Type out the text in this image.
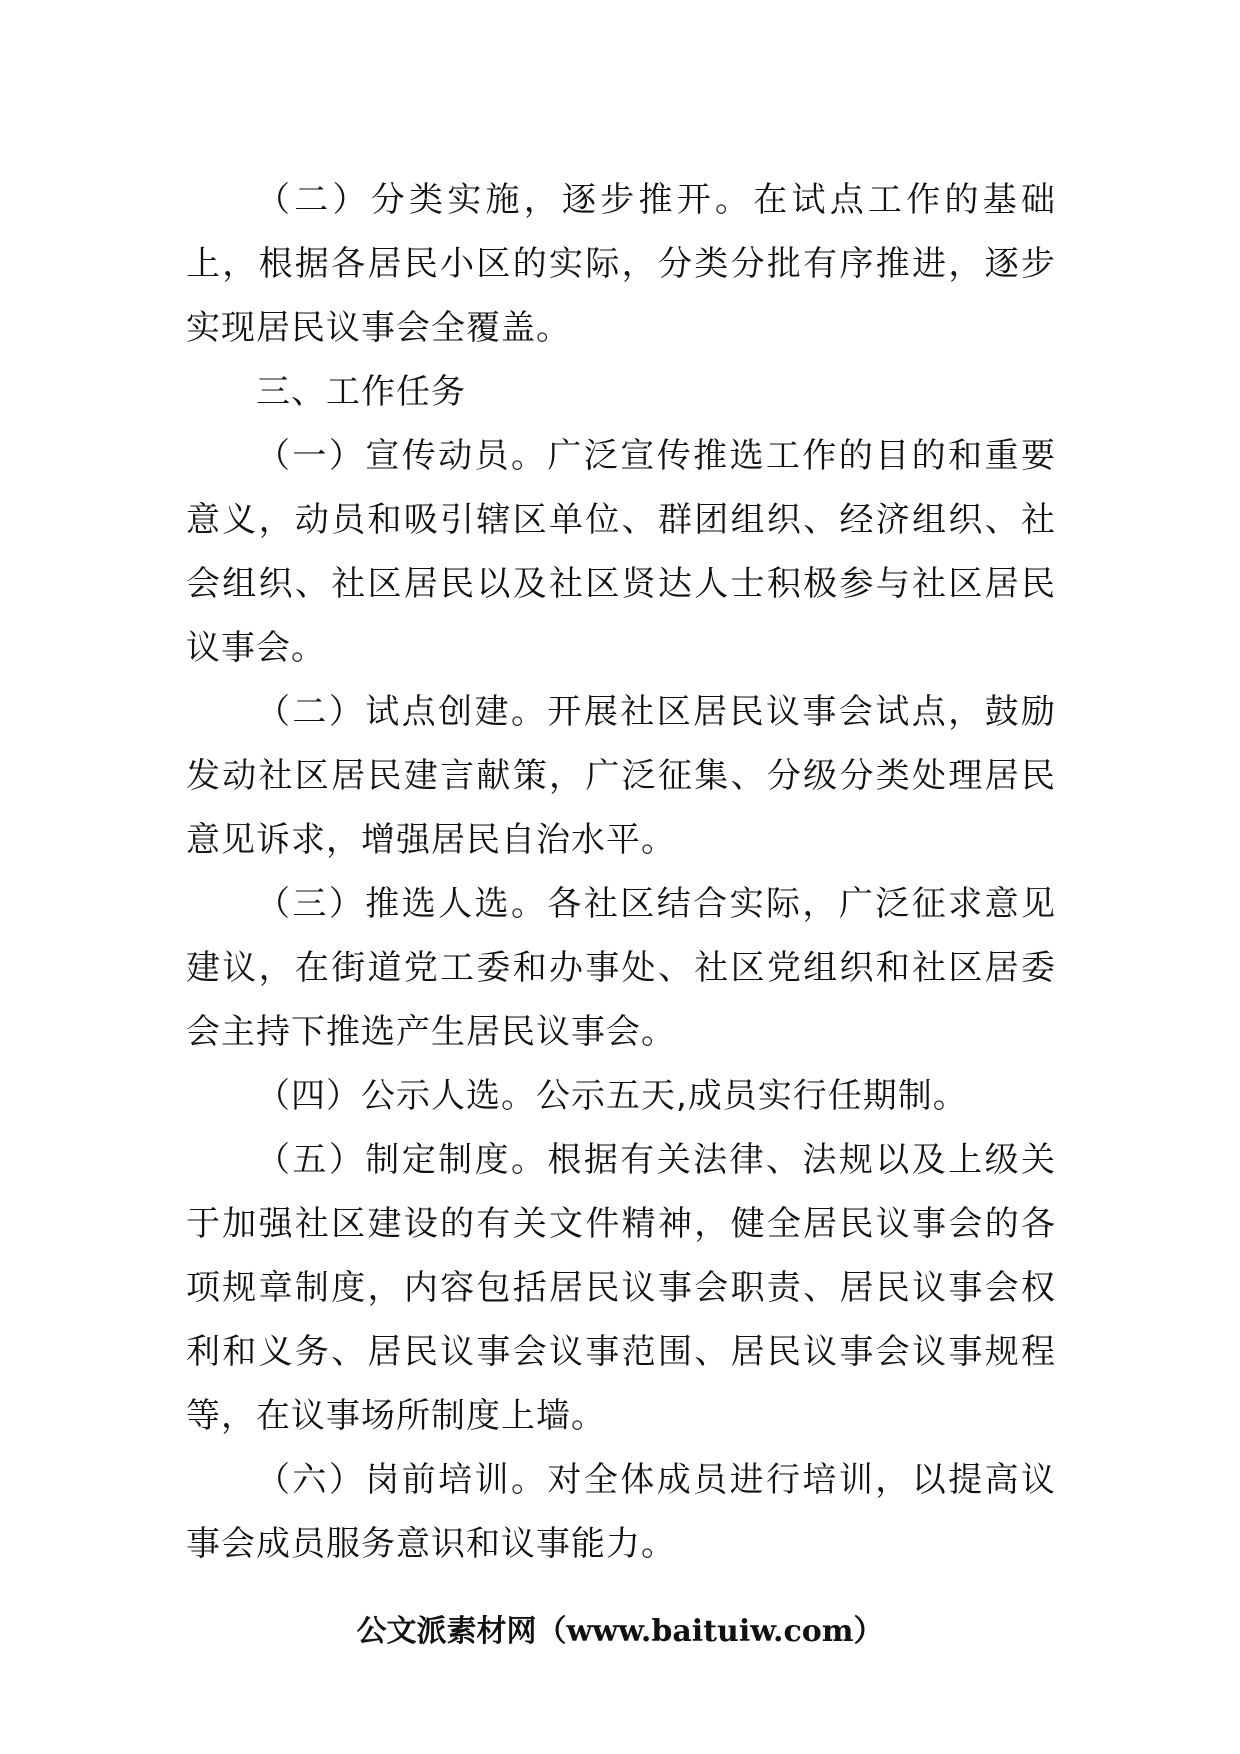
（二）分类实施，逐步推开。在试点工作的基础上，根据各居民小区的实际，分类分批有序推进，逐步实现居民议事会全覆盖。

三、工作任务

（一）宣传动员。广泛宣传推选工作的目的和重要意义，动员和吸引辖区单位、群团组织、经济组织、社会组织、社区居民以及社区贤达人士积极参与社区居民议事会。

（二）试点创建。开展社区居民议事会试点，鼓励发动社区居民建言献策，广泛征集、分级分类处理居民意见诉求，增强居民自治水平。

（三）推选人选。各社区结合实际，广泛征求意见建议，在街道党工委和办事处、社区党组织和社区居委会主持下推选产生居民议事会。

（四）公示人选。公示五天,成员实行任期制。

（五）制定制度。根据有关法律、法规以及上级关于加强社区建设的有关文件精神，健全居民议事会的各项规章制度，内容包括居民议事会职责、居民议事会权利和义务、居民议事会议事范围、居民议事会议事规程等，在议事场所制度上墙。

（六）岗前培训。对全体成员进行培训，以提高议事会成员服务意识和议事能力。

公文派素材网（www.baituiw.com）
